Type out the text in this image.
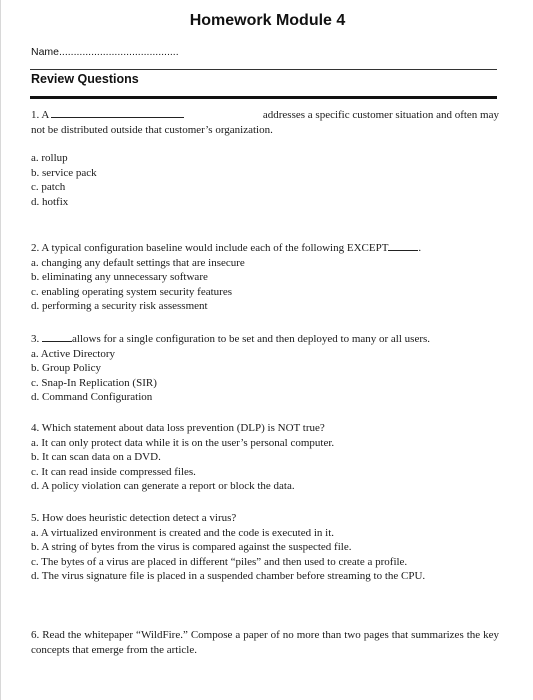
Homework Module 4
Name.........................................
Review Questions
1. A	addresses a specific customer situation and often may

not be distributed outside that customer’s organization.

a. rollup

b. service pack

c. patch

d. hotfix

2. A typical configuration baseline would include each of the following EXCEPT	.

a. changing any default settings that are insecure

b. eliminating any unnecessary software

c. enabling operating system security features

d. performing a security risk assessment

3.	allows for a single configuration to be set and then deployed to many or all users.

a. Active Directory

b. Group Policy

c. Snap-In Replication (SIR)

d. Command Configuration

4. Which statement about data loss prevention (DLP) is NOT true?

a. It can only protect data while it is on the user’s personal computer.

b. It can scan data on a DVD.

c. It can read inside compressed files.

d. A policy violation can generate a report or block the data.

5. How does heuristic detection detect a virus?

a. A virtualized environment is created and the code is executed in it.

b. A string of bytes from the virus is compared against the suspected file.

c. The bytes of a virus are placed in different “piles” and then used to create a profile.

d. The virus signature file is placed in a suspended chamber before streaming to the CPU.

6. Read the whitepaper “WildFire.” Compose a paper of no more than two pages that summarizes the key concepts that emerge from the article.
